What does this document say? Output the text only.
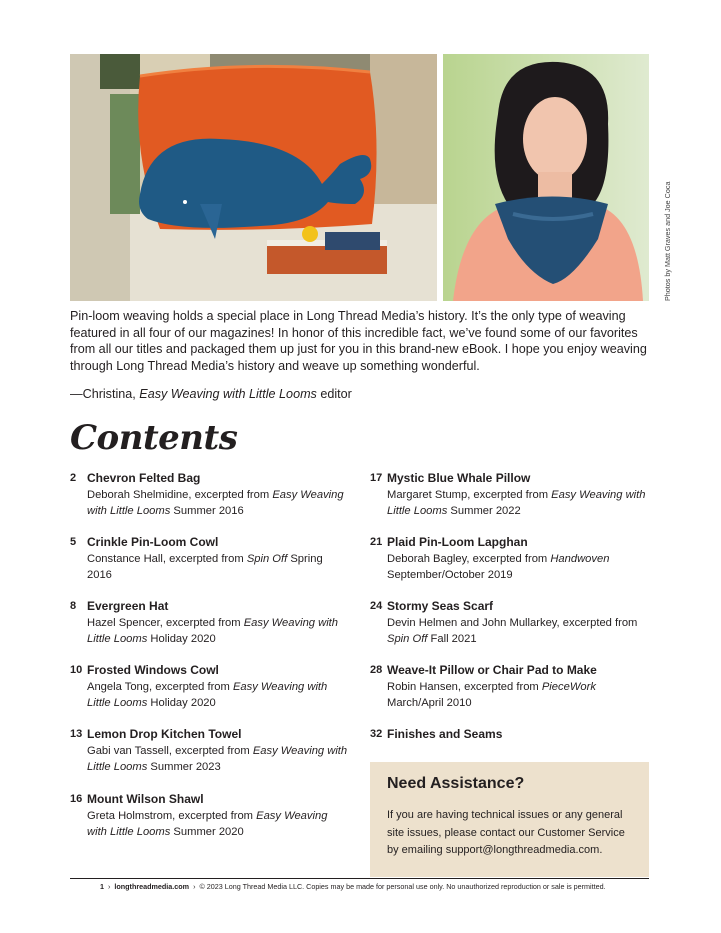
Photos by Matt Graves and Joe Coca
Pin-loom weaving holds a special place in Long Thread Media’s history. It’s the only type of weaving featured in all four of our magazines! In honor of this incredible fact, we’ve found some of our favorites from all our titles and packaged them up just for you in this brand-new eBook. I hope you enjoy weaving through Long Thread Media’s history and weave up something wonderful.
—Christina, Easy Weaving with Little Looms editor
Contents
2 Chevron Felted Bag
Deborah Shelmidine, excerpted from Easy Weaving with Little Looms Summer 2016
5 Crinkle Pin-Loom Cowl
Constance Hall, excerpted from Spin Off Spring 2016
8 Evergreen Hat
Hazel Spencer, excerpted from Easy Weaving with Little Looms Holiday 2020
10 Frosted Windows Cowl
Angela Tong, excerpted from Easy Weaving with Little Looms Holiday 2020
13 Lemon Drop Kitchen Towel
Gabi van Tassell, excerpted from Easy Weaving with Little Looms Summer 2023
16 Mount Wilson Shawl
Greta Holmstrom, excerpted from Easy Weaving with Little Looms Summer 2020
17 Mystic Blue Whale Pillow
Margaret Stump, excerpted from Easy Weaving with Little Looms Summer 2022
21 Plaid Pin-Loom Lapghan
Deborah Bagley, excerpted from Handwoven September/October 2019
24 Stormy Seas Scarf
Devin Helmen and John Mullarkey, excerpted from Spin Off Fall 2021
28 Weave-It Pillow or Chair Pad to Make
Robin Hansen, excerpted from PieceWork March/April 2010
32 Finishes and Seams
Need Assistance?
If you are having technical issues or any general site issues, please contact our Customer Service by emailing support@longthreadmedia.com.
1  ›  longthreadmedia.com  ›  © 2023 Long Thread Media LLC. Copies may be made for personal use only. No unauthorized reproduction or sale is permitted.
